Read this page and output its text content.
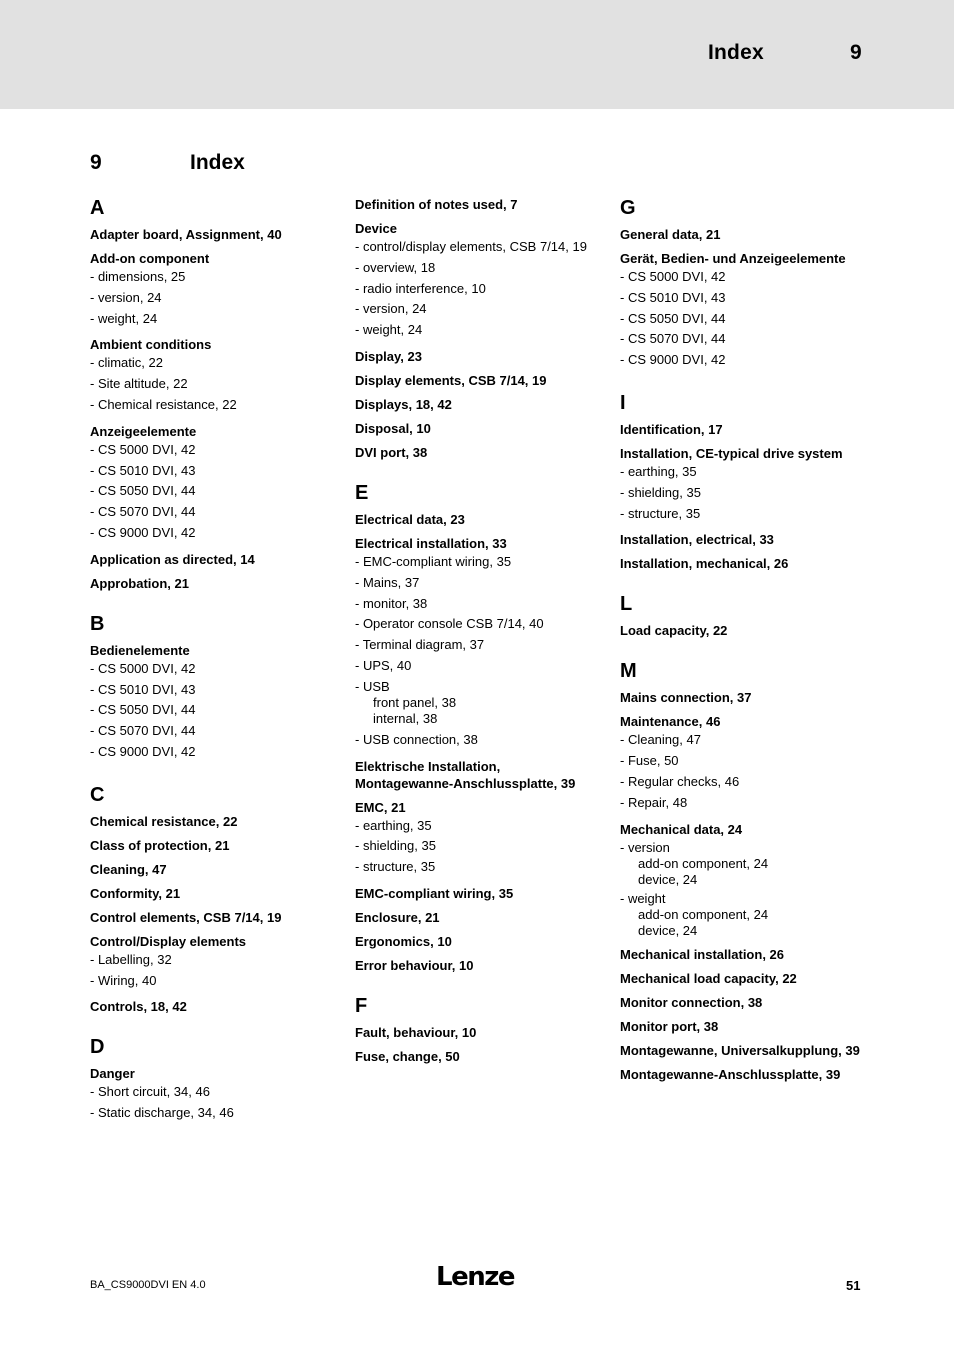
Index	9
9	Index
A
Adapter board, Assignment, 40
Add-on component
- dimensions, 25
- version, 24
- weight, 24
Ambient conditions
- climatic, 22
- Site altitude, 22
- Chemical resistance, 22
Anzeigeelemente
- CS 5000 DVI, 42
- CS 5010 DVI, 43
- CS 5050 DVI, 44
- CS 5070 DVI, 44
- CS 9000 DVI, 42
Application as directed, 14
Approbation, 21
B
Bedienelemente
- CS 5000 DVI, 42
- CS 5010 DVI, 43
- CS 5050 DVI, 44
- CS 5070 DVI, 44
- CS 9000 DVI, 42
C
Chemical resistance, 22
Class of protection, 21
Cleaning, 47
Conformity, 21
Control elements, CSB 7/14, 19
Control/Display elements
- Labelling, 32
- Wiring, 40
Controls, 18, 42
D
Danger
- Short circuit, 34, 46
- Static discharge, 34, 46
Definition of notes used, 7
Device
- control/display elements, CSB 7/14, 19
- overview, 18
- radio interference, 10
- version, 24
- weight, 24
Display, 23
Display elements, CSB 7/14, 19
Displays, 18, 42
Disposal, 10
DVI port, 38
E
Electrical data, 23
Electrical installation, 33
- EMC-compliant wiring, 35
- Mains, 37
- monitor, 38
- Operator console CSB 7/14, 40
- Terminal diagram, 37
- UPS, 40
- USB
front panel, 38
internal, 38
- USB connection, 38
Elektrische Installation, Montagewanne-Anschlussplatte, 39
EMC, 21
- earthing, 35
- shielding, 35
- structure, 35
EMC-compliant wiring, 35
Enclosure, 21
Ergonomics, 10
Error behaviour, 10
F
Fault, behaviour, 10
Fuse, change, 50
G
General data, 21
Gerät, Bedien- und Anzeigeelemente
- CS 5000 DVI, 42
- CS 5010 DVI, 43
- CS 5050 DVI, 44
- CS 5070 DVI, 44
- CS 9000 DVI, 42
I
Identification, 17
Installation, CE-typical drive system
- earthing, 35
- shielding, 35
- structure, 35
Installation, electrical, 33
Installation, mechanical, 26
L
Load capacity, 22
M
Mains connection, 37
Maintenance, 46
- Cleaning, 47
- Fuse, 50
- Regular checks, 46
- Repair, 48
Mechanical data, 24
- version
add-on component, 24
device, 24
- weight
add-on component, 24
device, 24
Mechanical installation, 26
Mechanical load capacity, 22
Monitor connection, 38
Monitor port, 38
Montagewanne, Universalkupplung, 39
Montagewanne-Anschlussplatte, 39
BA_CS9000DVI EN 4.0	Lenze	51
